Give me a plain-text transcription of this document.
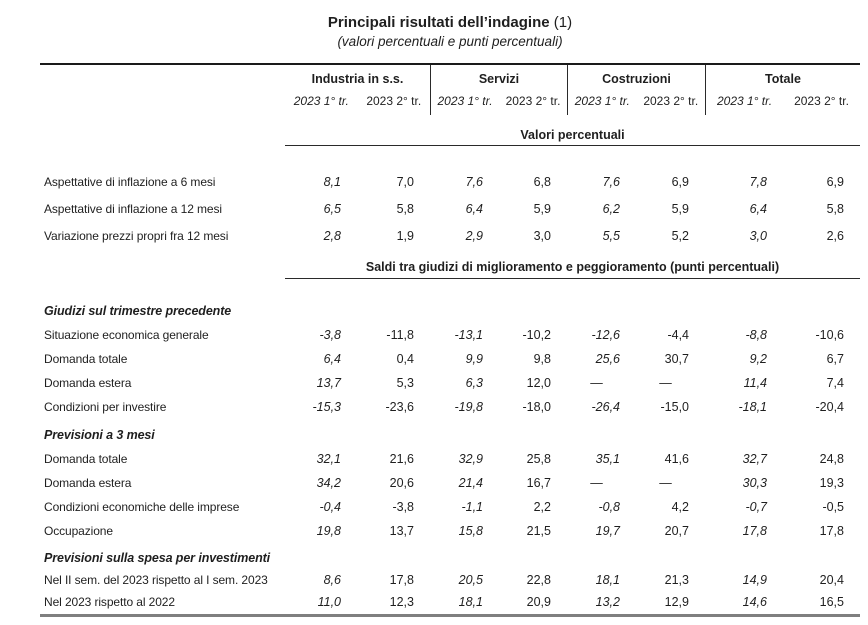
Principali risultati dell’indagine (1)
(valori percentuali e punti percentuali)
Industria in s.s.
2023 1° tr.	2023 2° tr.
Servizi
2023 1° tr.	2023 2° tr.
Costruzioni
2023 1° tr.	2023 2° tr.
Totale
2023 1° tr.	2023 2° tr.
Valori percentuali
Aspettative di inflazione a 6 mesi	8,1	7,0	7,6	6,8	7,6	6,9	7,8	6,9
Aspettative di inflazione a 12 mesi	6,5	5,8	6,4	5,9	6,2	5,9	6,4	5,8
Variazione prezzi propri fra 12 mesi	2,8	1,9	2,9	3,0	5,5	5,2	3,0	2,6
Saldi tra giudizi di miglioramento e peggioramento (punti percentuali)
Giudizi sul trimestre precedente
Situazione economica generale	-3,8	-11,8	-13,1	-10,2	-12,6	-4,4	-8,8	-10,6
Domanda totale	6,4	0,4	9,9	9,8	25,6	30,7	9,2	6,7
Domanda estera	13,7	5,3	6,3	12,0	—	—	11,4	7,4
Condizioni per investire	-15,3	-23,6	-19,8	-18,0	-26,4	-15,0	-18,1	-20,4
Previsioni a 3 mesi
Domanda totale	32,1	21,6	32,9	25,8	35,1	41,6	32,7	24,8
Domanda estera	34,2	20,6	21,4	16,7	—	—	30,3	19,3
Condizioni economiche delle imprese	-0,4	-3,8	-1,1	2,2	-0,8	4,2	-0,7	-0,5
Occupazione	19,8	13,7	15,8	21,5	19,7	20,7	17,8	17,8
Previsioni sulla spesa per investimenti
Nel II sem. del 2023 rispetto al I sem. 2023	8,6	17,8	20,5	22,8	18,1	21,3	14,9	20,4
Nel 2023 rispetto al 2022	11,0	12,3	18,1	20,9	13,2	12,9	14,6	16,5
